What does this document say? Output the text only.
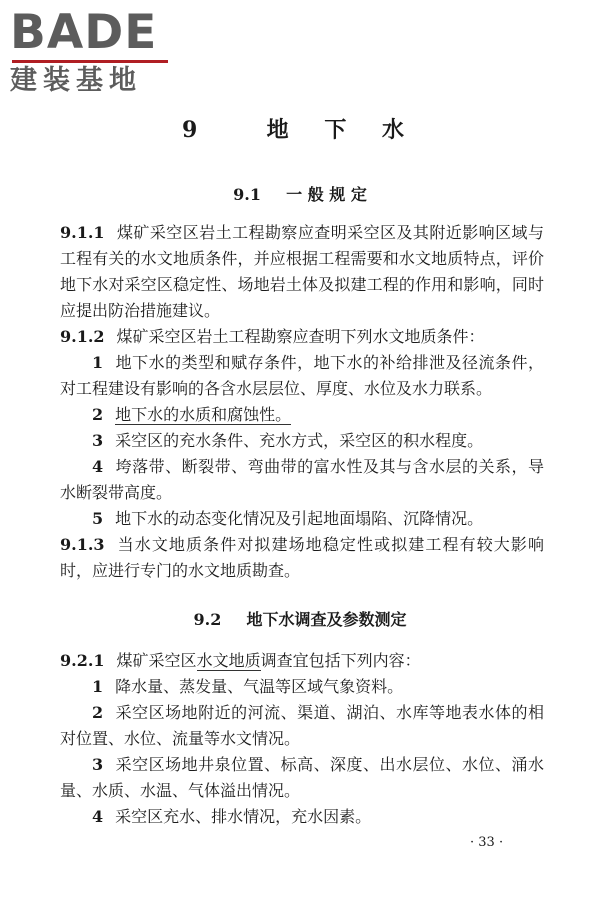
BADE
建装基地
9	地 下 水
9.1 一 般 规 定

9.1.1 煤矿采空区岩土工程勘察应查明采空区及其附近影响区域与工程有关的水文地质条件，并应根据工程需要和水文地质特点，评价地下水对采空区稳定性、场地岩土体及拟建工程的作用和影响，同时应提出防治措施建议。

9.1.2 煤矿采空区岩土工程勘察应查明下列水文地质条件：

1 地下水的类型和赋存条件，地下水的补给排泄及径流条件，对工程建设有影响的各含水层层位、厚度、水位及水力联系。

2 地下水的水质和腐蚀性。

3 采空区的充水条件、充水方式，采空区的积水程度。

4 垮落带、断裂带、弯曲带的富水性及其与含水层的关系，导水断裂带高度。

5 地下水的动态变化情况及引起地面塌陷、沉降情况。

9.1.3 当水文地质条件对拟建场地稳定性或拟建工程有较大影响时，应进行专门的水文地质勘查。

9.2 地下水调查及参数测定

9.2.1 煤矿采空区水文地质调查宜包括下列内容：

1 降水量、蒸发量、气温等区域气象资料。

2 采空区场地附近的河流、渠道、湖泊、水库等地表水体的相对位置、水位、流量等水文情况。

3 采空区场地井泉位置、标高、深度、出水层位、水位、涌水量、水质、水温、气体溢出情况。

4 采空区充水、排水情况，充水因素。

· 33 ·
